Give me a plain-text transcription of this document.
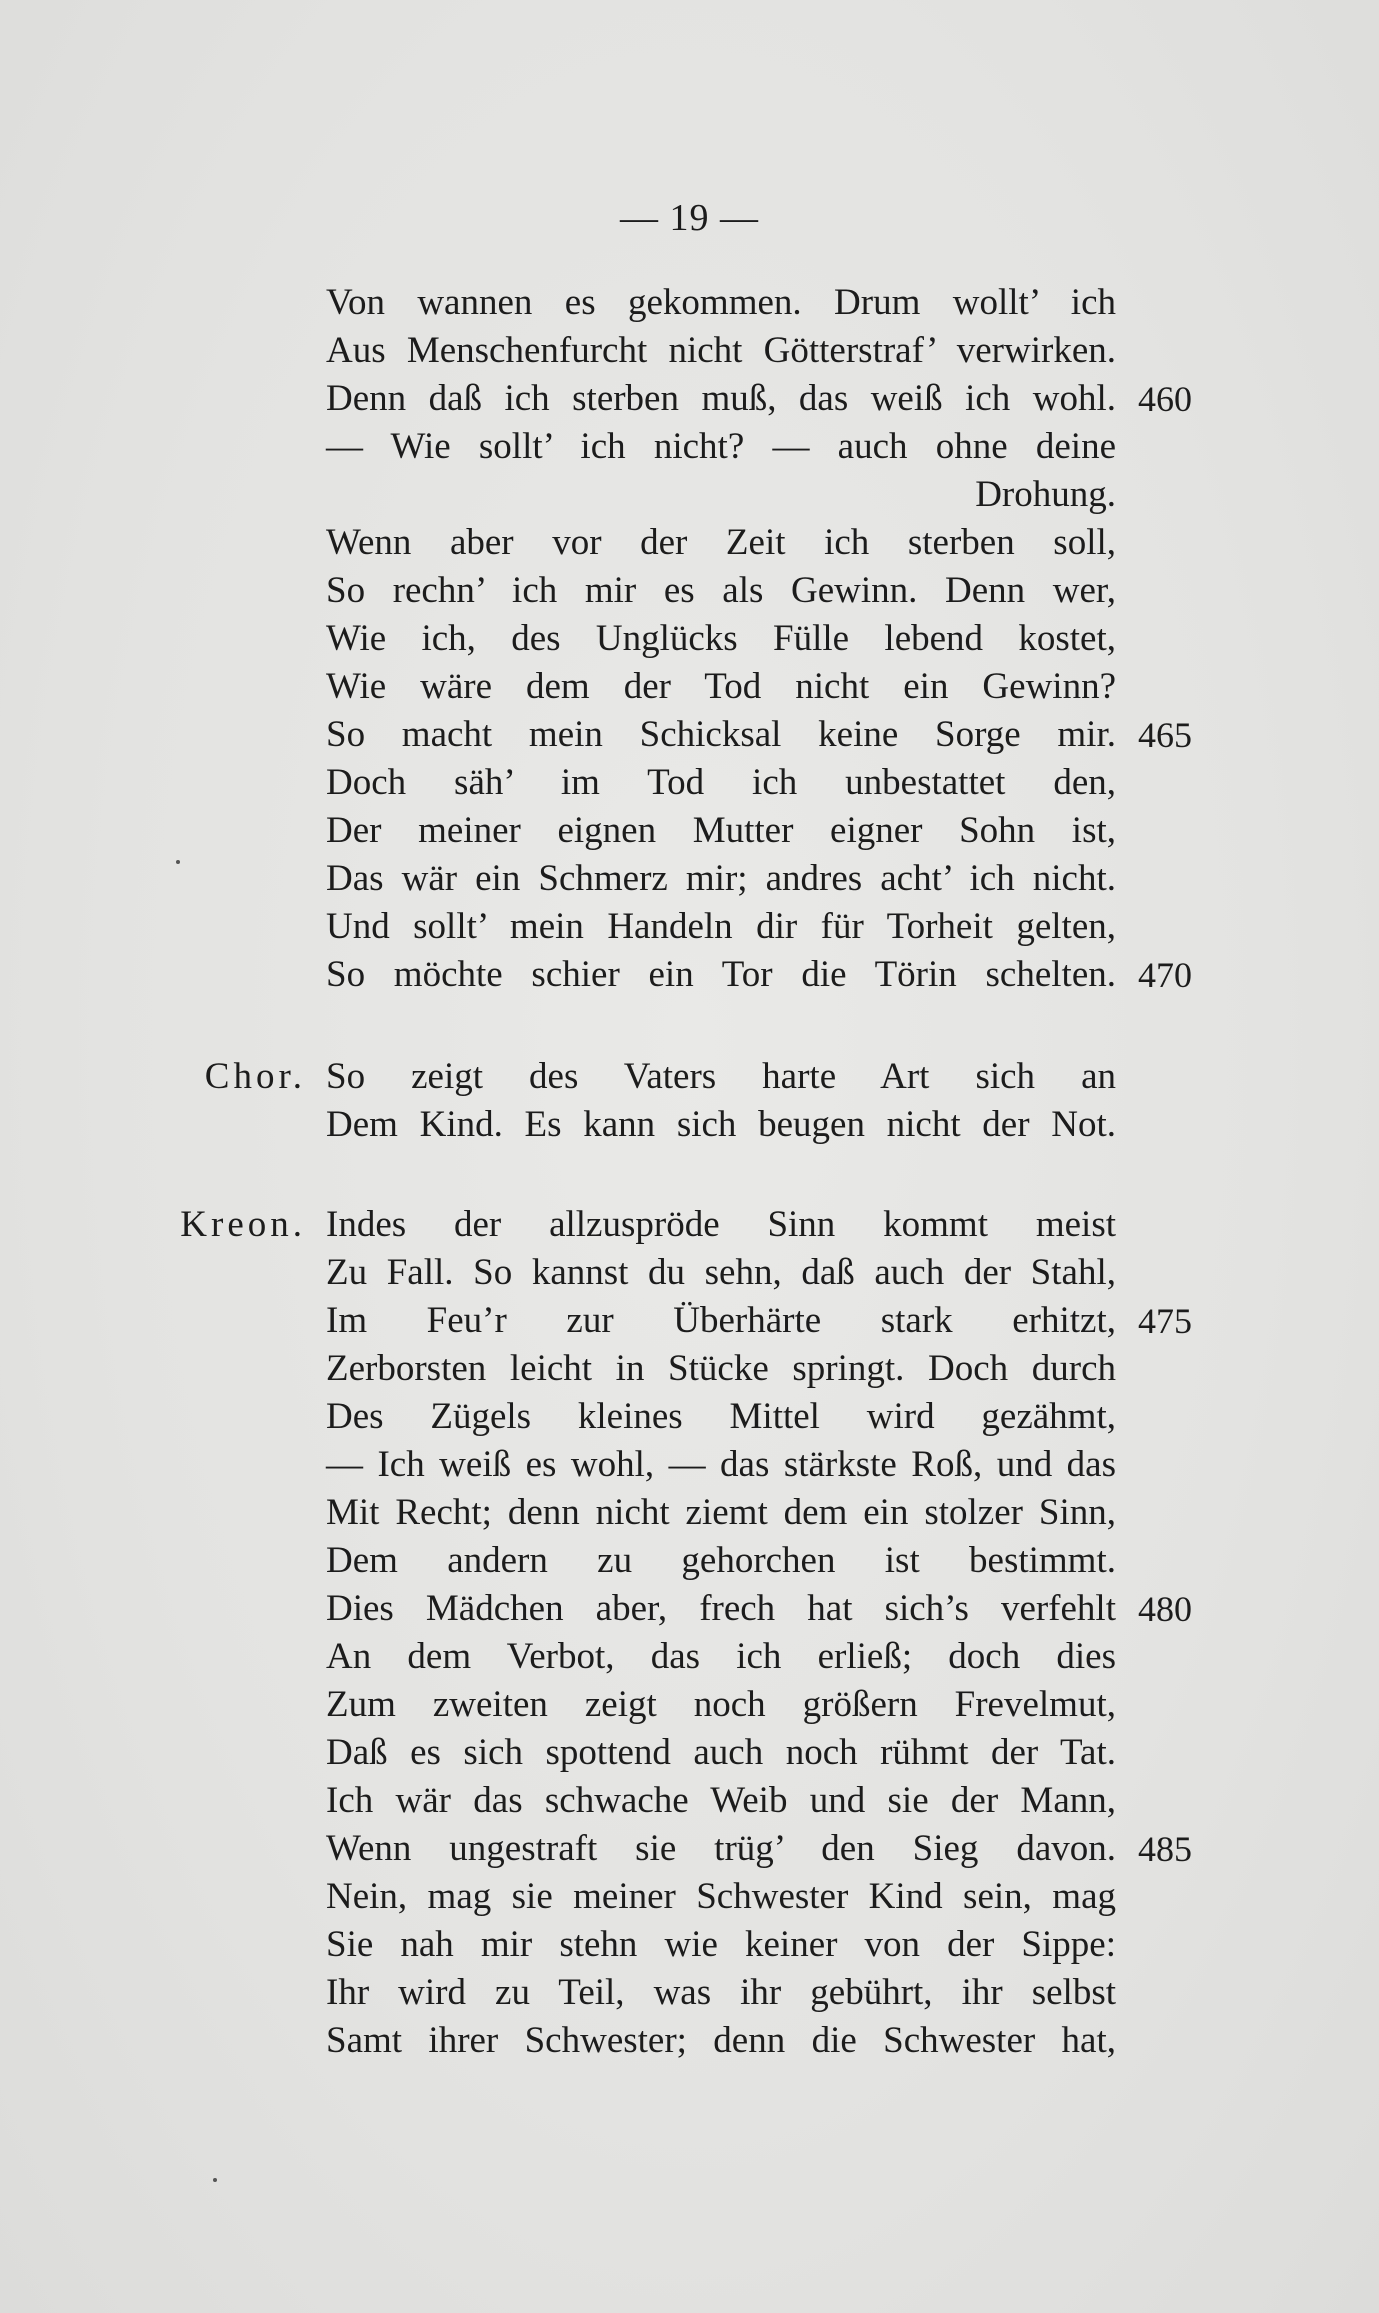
— 19 —
Von wannen es gekommen. Drum wollt’ ich
Aus Menschenfurcht nicht Götterstraf’ verwirken.
Denn daß ich sterben muß, das weiß ich wohl. 460
— Wie sollt’ ich nicht? — auch ohne deine
Drohung.
Wenn aber vor der Zeit ich sterben soll,
So rechn’ ich mir es als Gewinn. Denn wer,
Wie ich, des Unglücks Fülle lebend kostet,
Wie wäre dem der Tod nicht ein Gewinn?
So macht mein Schicksal keine Sorge mir. 465
Doch säh’ im Tod ich unbestattet den,
Der meiner eignen Mutter eigner Sohn ist,
Das wär ein Schmerz mir; andres acht’ ich nicht.
Und sollt’ mein Handeln dir für Torheit gelten,
So möchte schier ein Tor die Törin schelten. 470
Chor. So zeigt des Vaters harte Art sich an
Dem Kind. Es kann sich beugen nicht der Not.
Kreon. Indes der allzuspröde Sinn kommt meist
Zu Fall. So kannst du sehn, daß auch der Stahl,
Im Feu’r zur Überhärte stark erhitzt, 475
Zerborsten leicht in Stücke springt. Doch durch
Des Zügels kleines Mittel wird gezähmt,
— Ich weiß es wohl, — das stärkste Roß, und das
Mit Recht; denn nicht ziemt dem ein stolzer Sinn,
Dem andern zu gehorchen ist bestimmt.
Dies Mädchen aber, frech hat sich’s verfehlt 480
An dem Verbot, das ich erließ; doch dies
Zum zweiten zeigt noch größern Frevelmut,
Daß es sich spottend auch noch rühmt der Tat.
Ich wär das schwache Weib und sie der Mann,
Wenn ungestraft sie trüg’ den Sieg davon. 485
Nein, mag sie meiner Schwester Kind sein, mag
Sie nah mir stehn wie keiner von der Sippe:
Ihr wird zu Teil, was ihr gebührt, ihr selbst
Samt ihrer Schwester; denn die Schwester hat,
